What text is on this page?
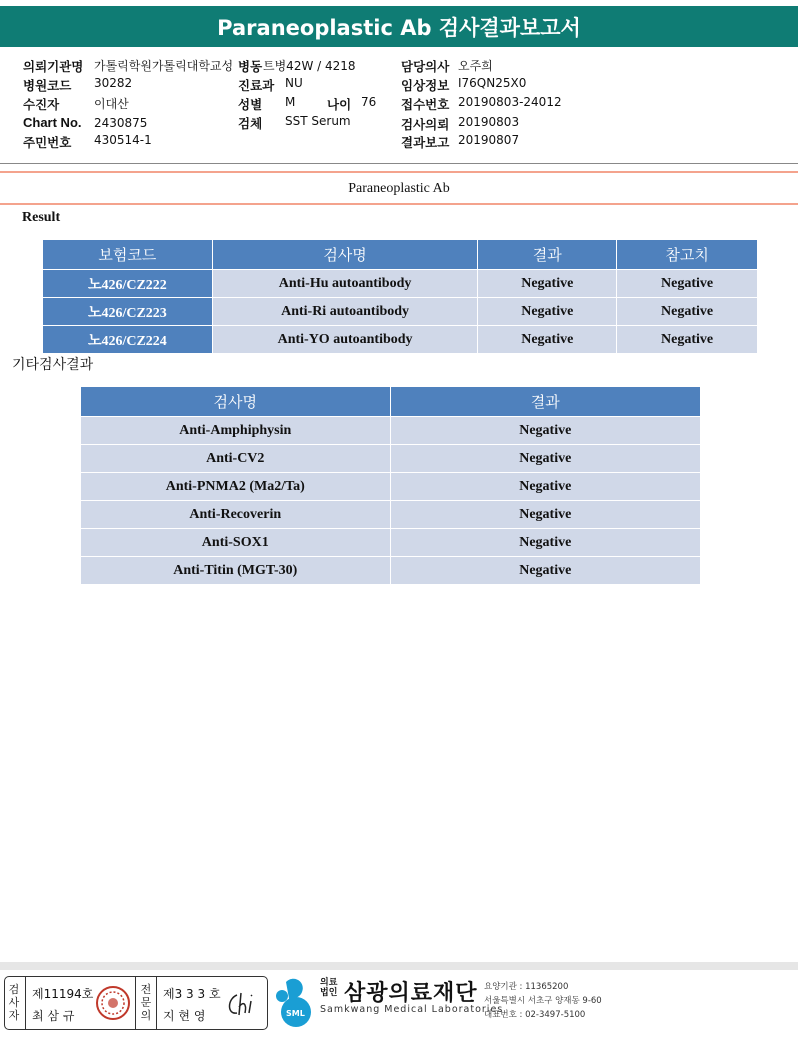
Paraneoplastic Ab 검사결과보고서
의뢰기관명 가톨릭학원가톨릭대학교성 병동 트병42W / 4218	담당의사 오주희
병원코드 30282	진료과 NU	임상정보 I76QN25X0
수진자	이대산	성별 M	나이 76 접수번호 20190803-24012
Chart No. 2430875	검체 SST Serum	검사의뢰 20190803
주민번호 430514-1	결과보고 20190807
Paraneoplastic Ab
Result
보험코드	검사명	결과	참고치
노426/CZ222	Anti-Hu autoantibody	Negative	Negative
노426/CZ223	Anti-Ri autoantibody	Negative	Negative
노426/CZ224	Anti-YO autoantibody	Negative	Negative
기타검사결과
검사명	결과
Anti-Amphiphysin	Negative
Anti-CV2	Negative
Anti-PNMA2 (Ma2/Ta)	Negative
Anti-Recoverin	Negative
Anti-SOX1	Negative
Anti-Titin (MGT-30)	Negative
검
사
자
제11194호
최 삼 규
전
문
의
제3 3 3 호
지 현 영	SML
의료
법인 삼광의료재단
Samkwang Medical Laboratories
요양기관 : 11365200
서울특별시 서초구 양재동 9-60
대표번호 : 02-3497-5100
